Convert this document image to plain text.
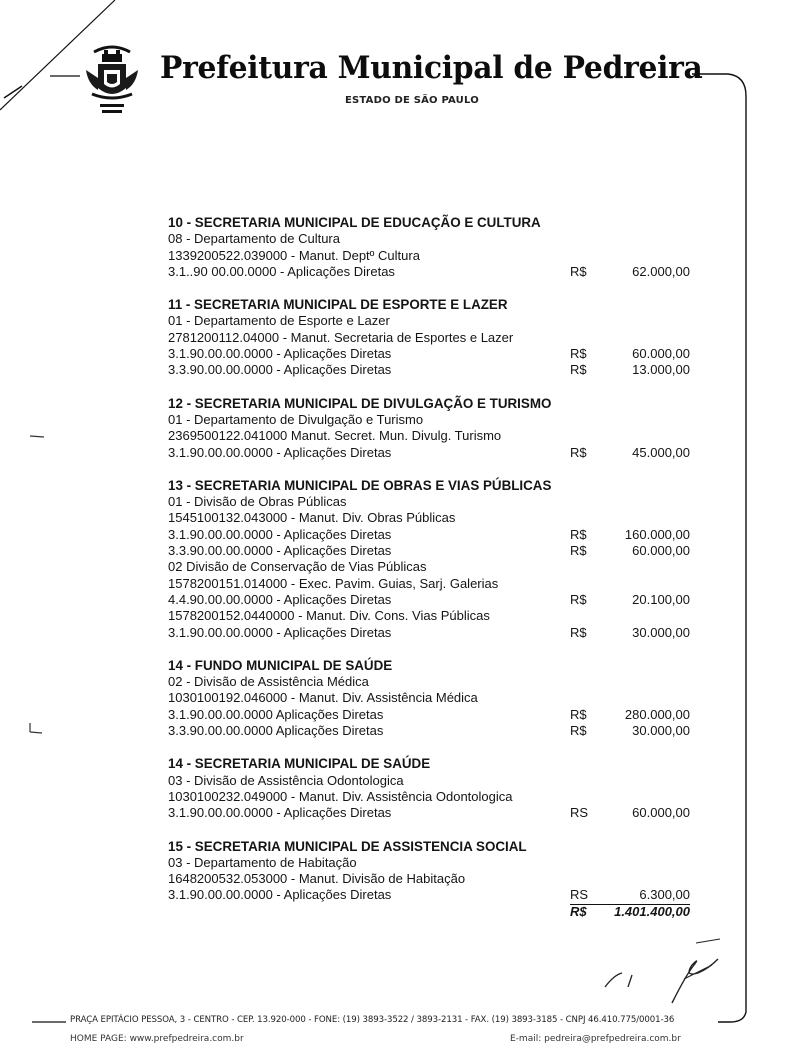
Prefeitura Municipal de Pedreira
ESTADO DE SÃO PAULO
10 - SECRETARIA MUNICIPAL DE EDUCAÇÃO E CULTURA
08 - Departamento de Cultura
1339200522.039000 - Manut. Deptº Cultura
3.1..90 00.00.0000 - Aplicações Diretas	R$	62.000,00
11 - SECRETARIA MUNICIPAL DE ESPORTE E LAZER
01 - Departamento de Esporte e Lazer
2781200112.04000 - Manut. Secretaria de Esportes e Lazer
3.1.90.00.00.0000 - Aplicações Diretas	R$	60.000,00
3.3.90.00.00.0000 - Aplicações Diretas	R$	13.000,00
12 - SECRETARIA MUNICIPAL DE DIVULGAÇÃO E TURISMO
01 - Departamento de Divulgação e Turismo
2369500122.041000 Manut. Secret. Mun. Divulg. Turismo
3.1.90.00.00.0000 - Aplicações Diretas	R$	45.000,00
13 - SECRETARIA MUNICIPAL DE OBRAS E VIAS PÚBLICAS
01 - Divisão de Obras Públicas
1545100132.043000 - Manut. Div. Obras Públicas
3.1.90.00.00.0000 - Aplicações Diretas	R$	160.000,00
3.3.90.00.00.0000 - Aplicações Diretas	R$	60.000,00
02 Divisão de Conservação de Vias Públicas
1578200151.014000 - Exec. Pavim. Guias, Sarj. Galerias
4.4.90.00.00.0000 - Aplicações Diretas	R$	20.100,00
1578200152.0440000 - Manut. Div. Cons. Vias Públicas
3.1.90.00.00.0000 - Aplicações Diretas	R$	30.000,00
14 - FUNDO MUNICIPAL DE SAÚDE
02 - Divisão de Assistência Médica
1030100192.046000 - Manut. Div. Assistência Médica
3.1.90.00.00.0000 Aplicações Diretas	R$	280.000,00
3.3.90.00.00.0000 Aplicações Diretas	R$	30.000,00
14 - SECRETARIA MUNICIPAL DE SAÚDE
03 - Divisão de Assistência Odontologica
1030100232.049000 - Manut. Div. Assistência Odontologica
3.1.90.00.00.0000 - Aplicações Diretas	RS	60.000,00
15 - SECRETARIA MUNICIPAL DE ASSISTENCIA SOCIAL
03 - Departamento de Habitação
1648200532.053000 - Manut. Divisão de Habitação
3.1.90.00.00.0000 - Aplicações Diretas	RS	6.300,00
R$	1.401.400,00
PRAÇA EPITÁCIO PESSOA, 3 - CENTRO - CEP. 13.920-000 - FONE: (19) 3893-3522 / 3893-2131 - FAX. (19) 3893-3185 - CNPJ 46.410.775/0001-36
HOME PAGE: www.prefpedreira.com.br	E-mail: pedreira@prefpedreira.com.br
